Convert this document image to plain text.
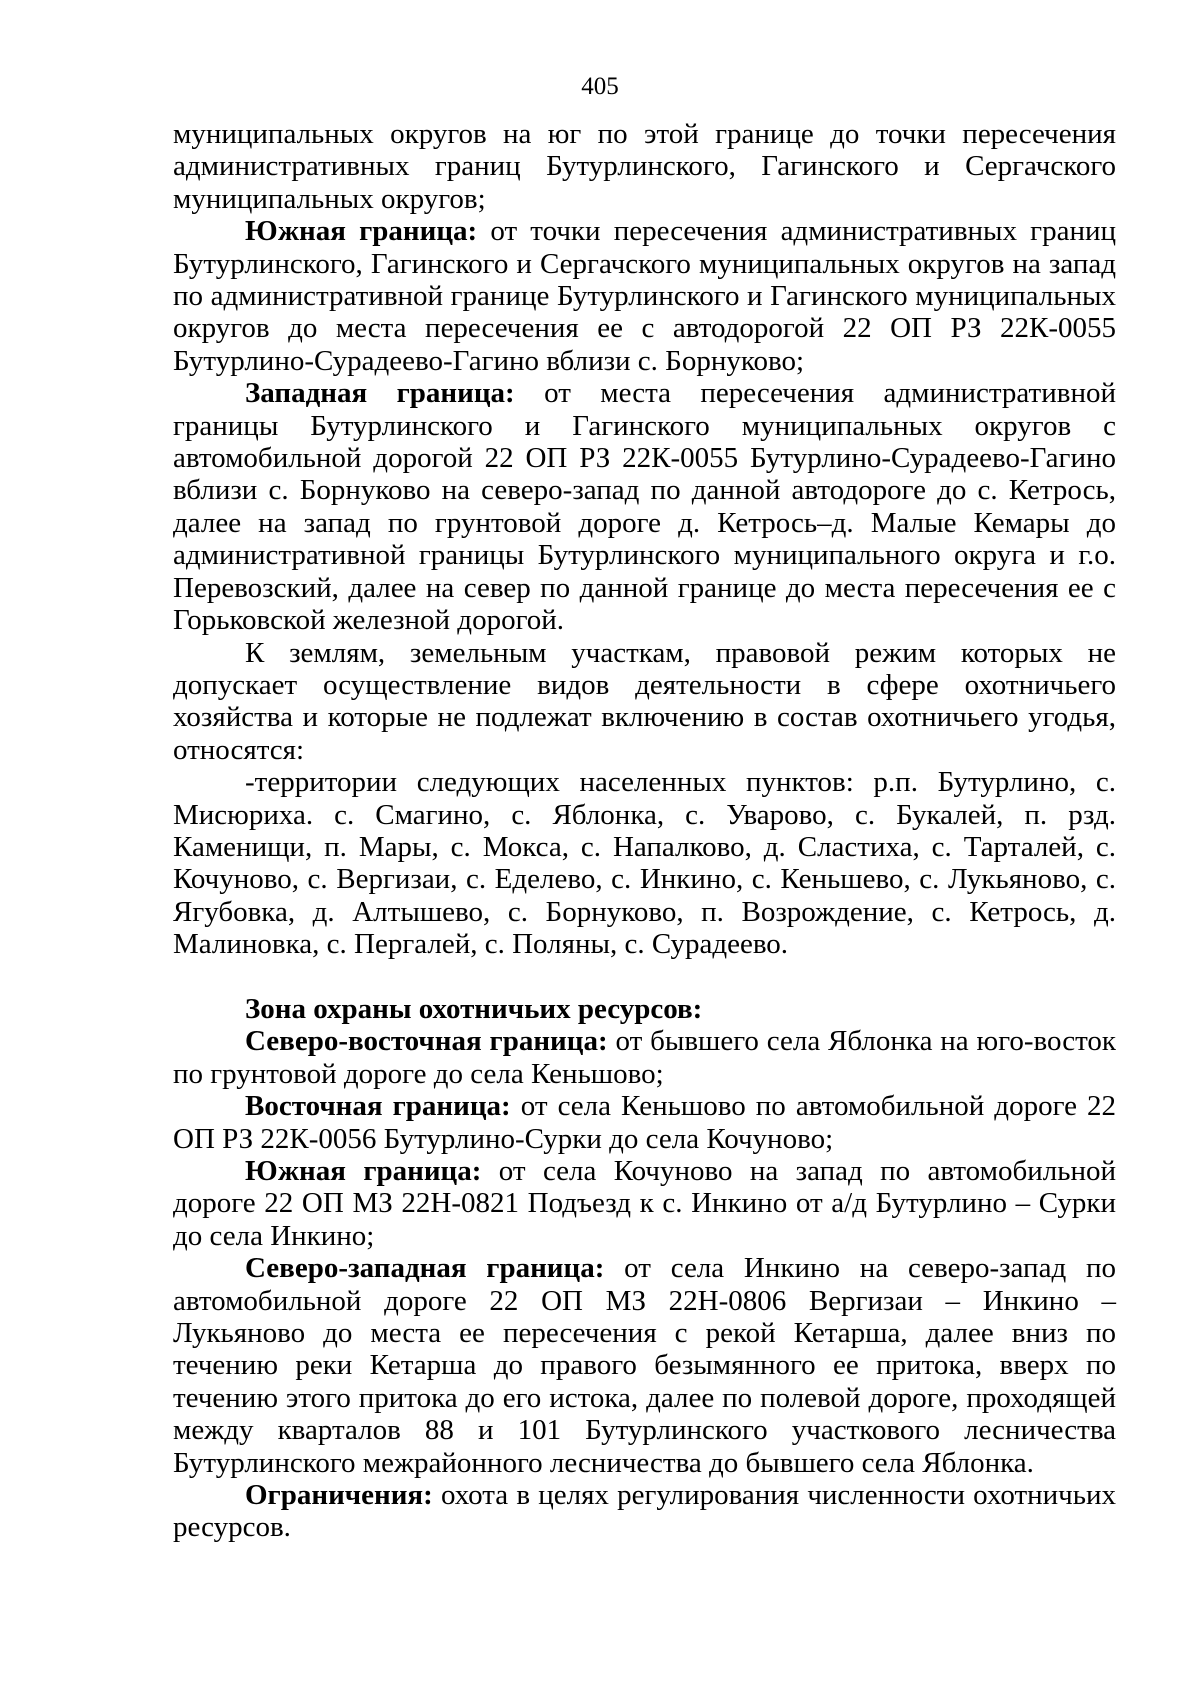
405

муниципальных округов на юг по этой границе до точки пересечения административных границ Бутурлинского, Гагинского и Сергачского муниципальных округов;

Южная граница: от точки пересечения административных границ Бутурлинского, Гагинского и Сергачского муниципальных округов на запад по административной границе Бутурлинского и Гагинского муниципальных округов до места пересечения ее с автодорогой 22 ОП РЗ 22К-0055 Бутурлино-Сурадеево-Гагино вблизи с. Борнуково;

Западная граница: от места пересечения административной границы Бутурлинского и Гагинского муниципальных округов с автомобильной дорогой 22 ОП РЗ 22К-0055 Бутурлино-Сурадеево-Гагино вблизи с. Борнуково на северо-запад по данной автодороге до с. Кетрось, далее на запад по грунтовой дороге д. Кетрось–д. Малые Кемары до административной границы Бутурлинского муниципального округа и г.о. Перевозский, далее на север по данной границе до места пересечения ее с Горьковской железной дорогой.

К землям, земельным участкам, правовой режим которых не допускает осуществление видов деятельности в сфере охотничьего хозяйства и которые не подлежат включению в состав охотничьего угодья, относятся:

-территории следующих населенных пунктов: р.п. Бутурлино, с. Мисюриха. с. Смагино, с. Яблонка, с. Уварово, с. Букалей, п. рзд. Каменищи, п. Мары, с. Мокса, с. Напалково, д. Сластиха, с. Тарталей, с. Кочуново, с. Вергизаи, с. Еделево, с. Инкино, с. Кеньшево, с. Лукьяново, с. Ягубовка, д. Алтышево, с. Борнуково, п. Возрождение, с. Кетрось, д. Малиновка, с. Пергалей, с. Поляны, с. Сурадеево.

Зона охраны охотничьих ресурсов:

Северо-восточная граница: от бывшего села Яблонка на юго-восток по грунтовой дороге до села Кеньшово;

Восточная граница: от села Кеньшово по автомобильной дороге 22 ОП РЗ 22К-0056 Бутурлино-Сурки до села Кочуново;

Южная граница: от села Кочуново на запад по автомобильной дороге 22 ОП МЗ 22Н-0821 Подъезд к с. Инкино от а/д Бутурлино – Сурки до села Инкино;

Северо-западная граница: от села Инкино на северо-запад по автомобильной дороге 22 ОП МЗ 22Н-0806 Вергизаи – Инкино – Лукьяново до места ее пересечения с рекой Кетарша, далее вниз по течению реки Кетарша до правого безымянного ее притока, вверх по течению этого притока до его истока, далее по полевой дороге, проходящей между кварталов 88 и 101 Бутурлинского участкового лесничества Бутурлинского межрайонного лесничества до бывшего села Яблонка.

Ограничения: охота в целях регулирования численности охотничьих ресурсов.
